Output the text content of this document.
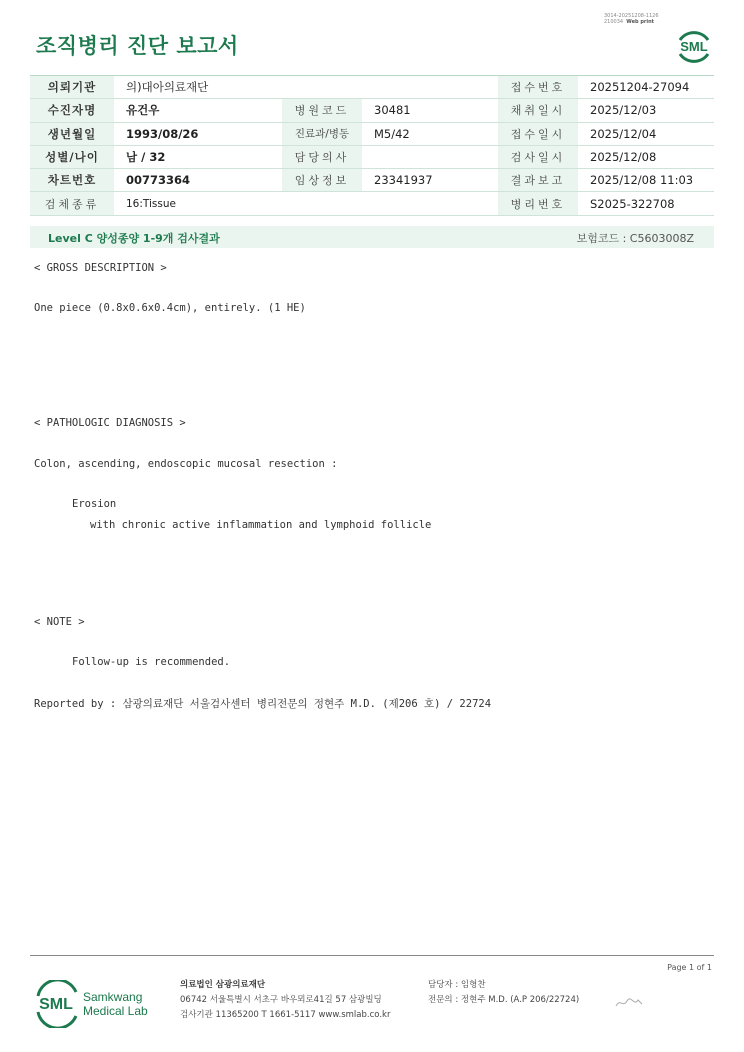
조직병리 진단 보고서
3014-20251208-1126
210034 Web print
SML
의뢰기관	의)대아의료재단			접수번호	20251204-27094
수진자명	유건우	병원코드	30481	채취일시	2025/12/03
생년월일	1993/08/26	진료과/병동	M5/42	접수일시	2025/12/04
성별/나이	남 / 32	담당의사		검사일시	2025/12/08
차트번호	00773364	임상정보	23341937	결과보고	2025/12/08 11:03
검체종류	16:Tissue			병리번호	S2025-322708
Level C 양성종양 1-9개 검사결과	보험코드 : C5603008Z
< GROSS DESCRIPTION >
One piece (0.8x0.6x0.4cm), entirely. (1 HE)
< PATHOLOGIC DIAGNOSIS >
Colon, ascending, endoscopic mucosal resection :
Erosion
with chronic active inflammation and lymphoid follicle
< NOTE >
Follow-up is recommended.
Reported by : 삼광의료재단 서울검사센터 병리전문의 정현주 M.D. (제206 호) / 22724
Page 1 of 1
SML Samkwang
Medical Lab
의료법인 삼광의료재단
06742 서울특별시 서초구 바우뫼로41길 57 삼광빌딩
검사기관 11365200 T 1661-5117 www.smlab.co.kr
담당자 : 임형찬
전문의 : 정현주 M.D. (A.P 206/22724)
